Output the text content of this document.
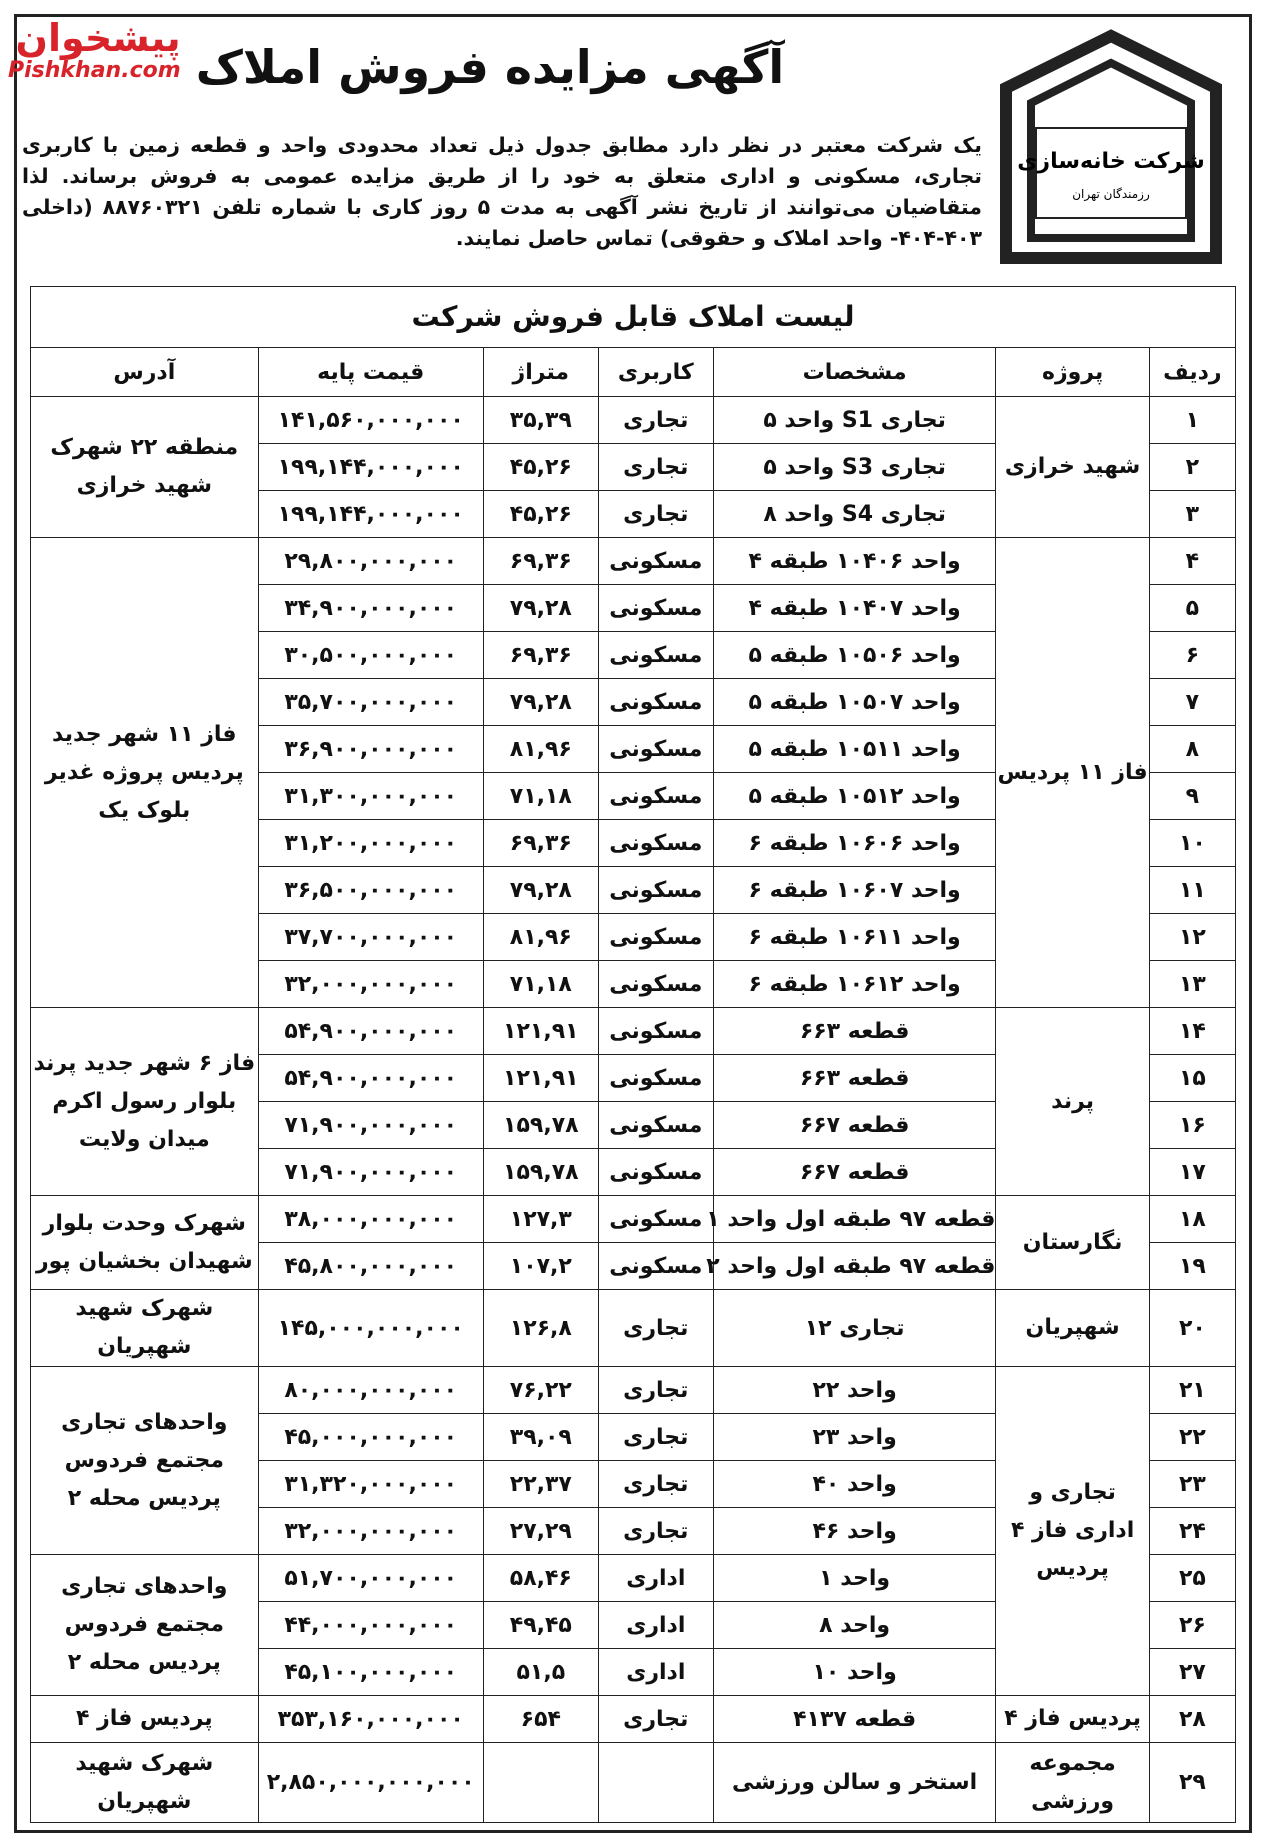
پیشخوان
Pishkhan.com
شرکت خانه‌سازی
رزمندگان تهران
آگهی مزایده فروش املاک
یک شرکت معتبر در نظر دارد مطابق جدول ذیل تعداد محدودی واحد و قطعه زمین با کاربری تجاری، مسکونی و اداری متعلق به خود را از طریق مزایده عمومی به فروش برساند. لذا متقاضیان می‌توانند از تاریخ نشر آگهی به مدت ۵ روز کاری با شماره تلفن ۸۸۷۶۰۳۲۱ (داخلی ۴۰۳-۴۰۴- واحد املاک و حقوقی) تماس حاصل نمایند.
لیست املاک قابل فروش شرکت
ردیف	پروژه	مشخصات	کاربری	متراژ	قیمت پایه	آدرس
۱	شهید خرازی	تجاری S1 واحد ۵	تجاری	۳۵,۳۹	۱۴۱,۵۶۰,۰۰۰,۰۰۰	منطقه ۲۲ شهرک شهید خرازی
۲		تجاری S3 واحد ۵	تجاری	۴۵,۲۶	۱۹۹,۱۴۴,۰۰۰,۰۰۰	
۳		تجاری S4 واحد ۸	تجاری	۴۵,۲۶	۱۹۹,۱۴۴,۰۰۰,۰۰۰	
۴	فاز ۱۱ پردیس	واحد ۱۰۴۰۶ طبقه ۴	مسکونی	۶۹,۳۶	۲۹,۸۰۰,۰۰۰,۰۰۰	فاز ۱۱ شهر جدید پردیس پروژه غدیر بلوک یک
۵		واحد ۱۰۴۰۷ طبقه ۴	مسکونی	۷۹,۲۸	۳۴,۹۰۰,۰۰۰,۰۰۰	
۶		واحد ۱۰۵۰۶ طبقه ۵	مسکونی	۶۹,۳۶	۳۰,۵۰۰,۰۰۰,۰۰۰	
۷		واحد ۱۰۵۰۷ طبقه ۵	مسکونی	۷۹,۲۸	۳۵,۷۰۰,۰۰۰,۰۰۰	
۸		واحد ۱۰۵۱۱ طبقه ۵	مسکونی	۸۱,۹۶	۳۶,۹۰۰,۰۰۰,۰۰۰	
۹		واحد ۱۰۵۱۲ طبقه ۵	مسکونی	۷۱,۱۸	۳۱,۳۰۰,۰۰۰,۰۰۰	
۱۰		واحد ۱۰۶۰۶ طبقه ۶	مسکونی	۶۹,۳۶	۳۱,۲۰۰,۰۰۰,۰۰۰	
۱۱		واحد ۱۰۶۰۷ طبقه ۶	مسکونی	۷۹,۲۸	۳۶,۵۰۰,۰۰۰,۰۰۰	
۱۲		واحد ۱۰۶۱۱ طبقه ۶	مسکونی	۸۱,۹۶	۳۷,۷۰۰,۰۰۰,۰۰۰	
۱۳		واحد ۱۰۶۱۲ طبقه ۶	مسکونی	۷۱,۱۸	۳۲,۰۰۰,۰۰۰,۰۰۰	
۱۴	پرند	قطعه ۶۶۳	مسکونی	۱۲۱,۹۱	۵۴,۹۰۰,۰۰۰,۰۰۰	فاز ۶ شهر جدید پرند بلوار رسول اکرم میدان ولایت
۱۵		قطعه ۶۶۳	مسکونی	۱۲۱,۹۱	۵۴,۹۰۰,۰۰۰,۰۰۰	
۱۶		قطعه ۶۶۷	مسکونی	۱۵۹,۷۸	۷۱,۹۰۰,۰۰۰,۰۰۰	
۱۷		قطعه ۶۶۷	مسکونی	۱۵۹,۷۸	۷۱,۹۰۰,۰۰۰,۰۰۰	
۱۸	نگارستان	قطعه ۹۷ طبقه اول واحد ۱	مسکونی	۱۲۷,۳	۳۸,۰۰۰,۰۰۰,۰۰۰	شهرک وحدت بلوار شهیدان بخشیان پور
۱۹		قطعه ۹۷ طبقه اول واحد ۲	مسکونی	۱۰۷,۲	۴۵,۸۰۰,۰۰۰,۰۰۰	
۲۰	شهپریان	تجاری ۱۲	تجاری	۱۲۶,۸	۱۴۵,۰۰۰,۰۰۰,۰۰۰	شهرک شهید شهپریان
۲۱	تجاری و اداری فاز ۴ پردیس	واحد ۲۲	تجاری	۷۶,۲۲	۸۰,۰۰۰,۰۰۰,۰۰۰	واحدهای تجاری مجتمع فردوس پردیس محله ۲
۲۲		واحد ۲۳	تجاری	۳۹,۰۹	۴۵,۰۰۰,۰۰۰,۰۰۰	
۲۳		واحد ۴۰	تجاری	۲۲,۳۷	۳۱,۳۲۰,۰۰۰,۰۰۰	
۲۴		واحد ۴۶	تجاری	۲۷,۲۹	۳۲,۰۰۰,۰۰۰,۰۰۰	
۲۵		واحد ۱	اداری	۵۸,۴۶	۵۱,۷۰۰,۰۰۰,۰۰۰	واحدهای تجاری مجتمع فردوس پردیس محله ۲
۲۶		واحد ۸	اداری	۴۹,۴۵	۴۴,۰۰۰,۰۰۰,۰۰۰	
۲۷		واحد ۱۰	اداری	۵۱,۵	۴۵,۱۰۰,۰۰۰,۰۰۰	
۲۸	پردیس فاز ۴	قطعه ۴۱۳۷	تجاری	۶۵۴	۳۵۳,۱۶۰,۰۰۰,۰۰۰	پردیس فاز ۴
۲۹	مجموعه ورزشی	استخر و سالن ورزشی			۲,۸۵۰,۰۰۰,۰۰۰,۰۰۰	شهرک شهید شهپریان
